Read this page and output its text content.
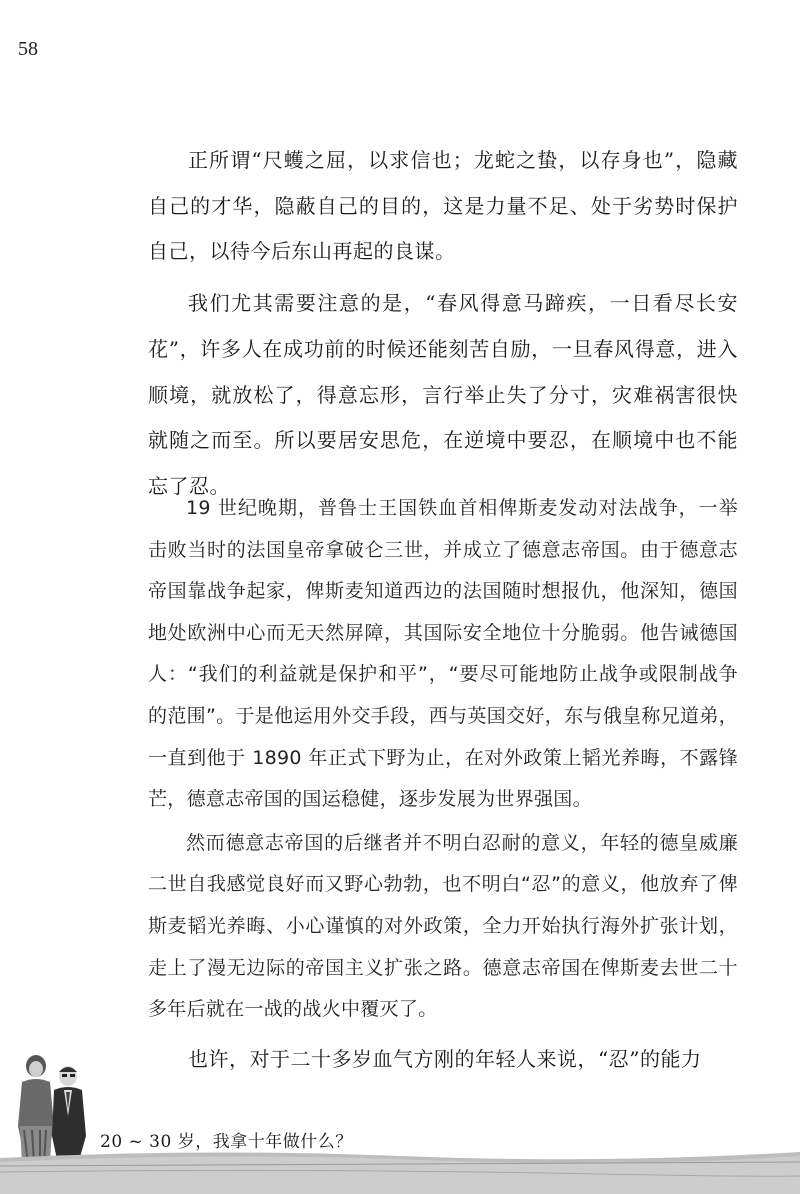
58

正所谓“尺蠖之屈，以求信也；龙蛇之蛰，以存身也”，隐藏自己的才华，隐蔽自己的目的，这是力量不足、处于劣势时保护自己，以待今后东山再起的良谋。

我们尤其需要注意的是，“春风得意马蹄疾，一日看尽长安花”，许多人在成功前的时候还能刻苦自励，一旦春风得意，进入顺境，就放松了，得意忘形，言行举止失了分寸，灾难祸害很快就随之而至。所以要居安思危，在逆境中要忍，在顺境中也不能忘了忍。

19 世纪晚期，普鲁士王国铁血首相俾斯麦发动对法战争，一举击败当时的法国皇帝拿破仑三世，并成立了德意志帝国。由于德意志帝国靠战争起家，俾斯麦知道西边的法国随时想报仇，他深知，德国地处欧洲中心而无天然屏障，其国际安全地位十分脆弱。他告诫德国人：“我们的利益就是保护和平”，“要尽可能地防止战争或限制战争的范围”。于是他运用外交手段，西与英国交好，东与俄皇称兄道弟，一直到他于 1890 年正式下野为止，在对外政策上韬光养晦，不露锋芒，德意志帝国的国运稳健，逐步发展为世界强国。

然而德意志帝国的后继者并不明白忍耐的意义，年轻的德皇威廉二世自我感觉良好而又野心勃勃，也不明白“忍”的意义，他放弃了俾斯麦韬光养晦、小心谨慎的对外政策，全力开始执行海外扩张计划，走上了漫无边际的帝国主义扩张之路。德意志帝国在俾斯麦去世二十多年后就在一战的战火中覆灭了。

也许，对于二十多岁血气方刚的年轻人来说，“忍”的能力

20 ~ 30 岁，我拿十年做什么？
